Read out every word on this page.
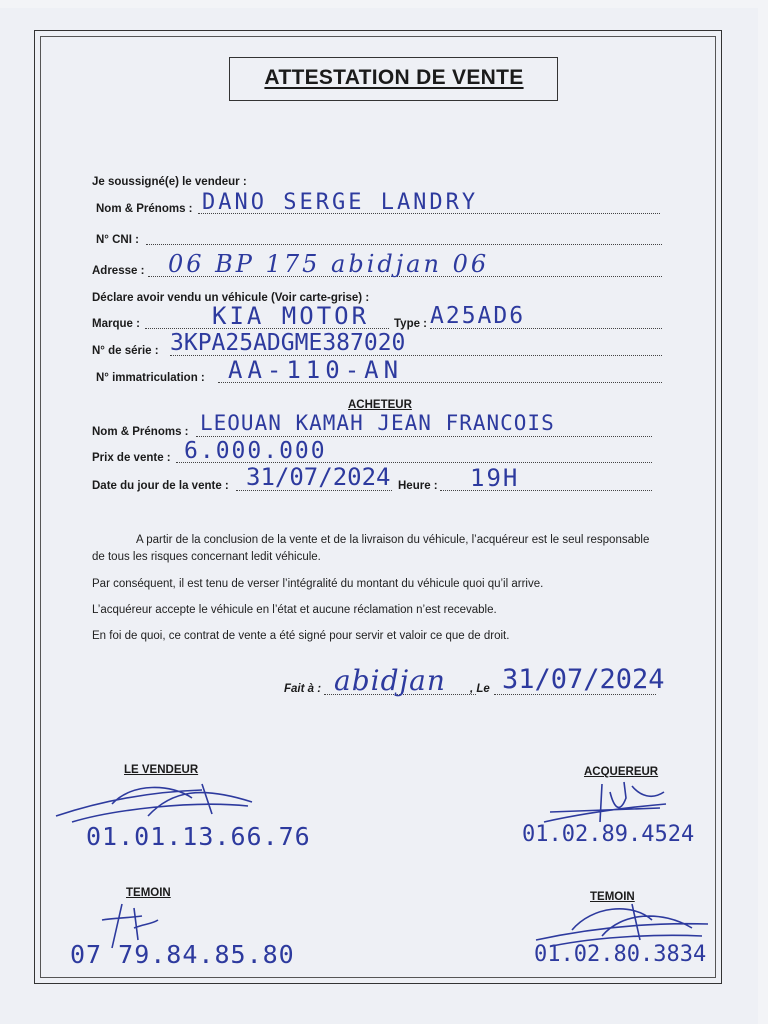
ATTESTATION DE VENTE
Je soussigné(e) le vendeur :
Nom & Prénoms : DANO SERGE LANDRY
N° CNI :
Adresse : 06 BP 175 abidjan 06
Déclare avoir vendu un véhicule (Voir carte-grise) :
Marque :	KIA MOTOR Type : A25AD6
N° de série : 3KPA25ADGME387020
N° immatriculation : AA-110-AN
ACHETEUR
Nom & Prénoms : LEOUAN KAMAH JEAN FRANCOIS
Prix de vente : 6.000.000
Date du jour de la vente : 31/07/2024 Heure : 19H
A partir de la conclusion de la vente et de la livraison du véhicule, l’acquéreur est le seul responsable de tous les risques concernant ledit véhicule.
Par conséquent, il est tenu de verser l’intégralité du montant du véhicule quoi qu’il arrive.
L’acquéreur accepte le véhicule en l’état et aucune réclamation n’est recevable.
En foi de quoi, ce contrat de vente a été signé pour servir et valoir ce que de droit.
Fait à : abidjan , Le 31/07/2024
LE VENDEUR
01.01.13.66.76
ACQUEREUR
01.02.89.4524
TEMOIN
07 79.84.85.80
TEMOIN
01.02.80.3834
